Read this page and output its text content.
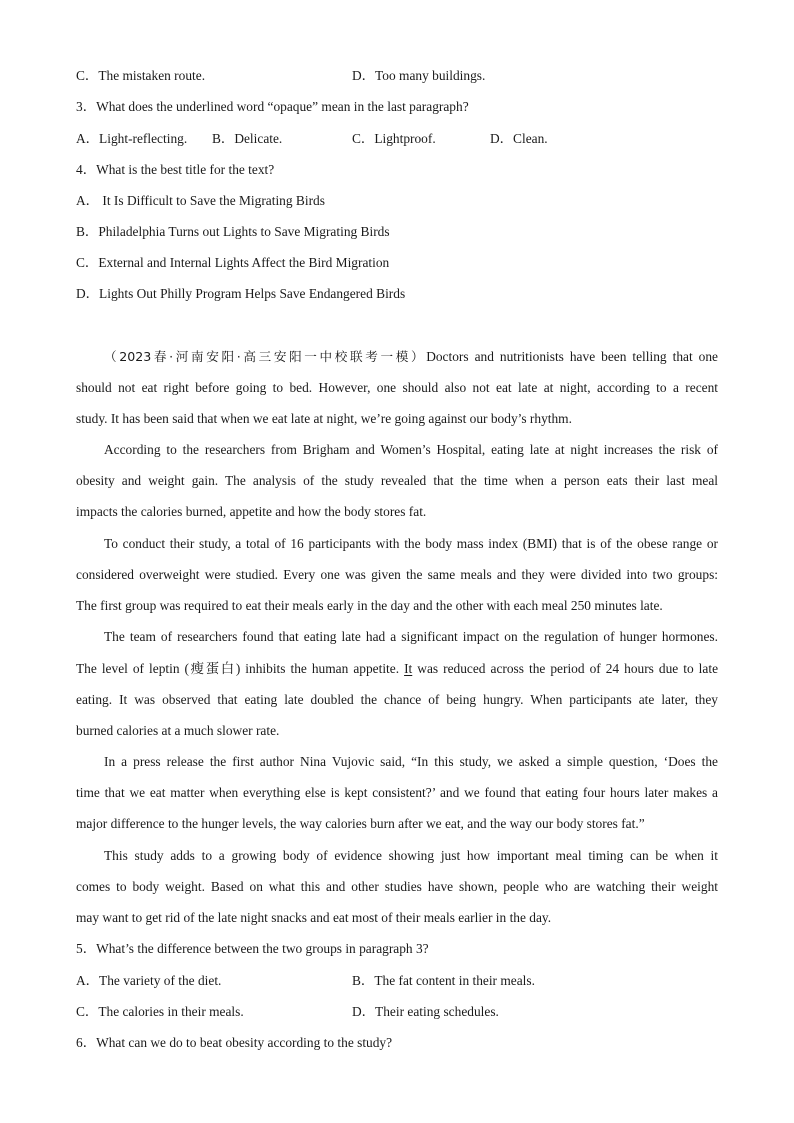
C．The mistaken route.	D．Too many buildings.
3．What does the underlined word “opaque” mean in the last paragraph?
A．Light-reflecting. B．Delicate.	C．Lightproof.	D．Clean.
4．What is the best title for the text?
A． It Is Difficult to Save the Migrating Birds
B．Philadelphia Turns out Lights to Save Migrating Birds
C．External and Internal Lights Affect the Bird Migration
D．Lights Out Philly Program Helps Save Endangered Birds
（2023春·河南安阳·高三安阳一中校联考一模）Doctors and nutritionists have been telling that one
should not eat right before going to bed. However, one should also not eat late at night, according to a recent
study. It has been said that when we eat late at night, we’re going against our body’s rhythm.
According to the researchers from Brigham and Women’s Hospital, eating late at night increases the risk of
obesity and weight gain. The analysis of the study revealed that the time when a person eats their last meal
impacts the calories burned, appetite and how the body stores fat.
To conduct their study, a total of 16 participants with the body mass index (BMI) that is of the obese range or
considered overweight were studied. Every one was given the same meals and they were divided into two groups:
The first group was required to eat their meals early in the day and the other with each meal 250 minutes late.
The team of researchers found that eating late had a significant impact on the regulation of hunger hormones.
The level of leptin (瘦蛋白) inhibits the human appetite. It was reduced across the period of 24 hours due to late
eating. It was observed that eating late doubled the chance of being hungry. When participants ate later, they
burned calories at a much slower rate.
In a press release the first author Nina Vujovic said, “In this study, we asked a simple question, ‘Does the
time that we eat matter when everything else is kept consistent?’ and we found that eating four hours later makes a
major difference to the hunger levels, the way calories burn after we eat, and the way our body stores fat.”
This study adds to a growing body of evidence showing just how important meal timing can be when it
comes to body weight. Based on what this and other studies have shown, people who are watching their weight
may want to get rid of the late night snacks and eat most of their meals earlier in the day.
5．What’s the difference between the two groups in paragraph 3?
A．The variety of the diet.	B．The fat content in their meals.
C．The calories in their meals.	D．Their eating schedules.
6．What can we do to beat obesity according to the study?
